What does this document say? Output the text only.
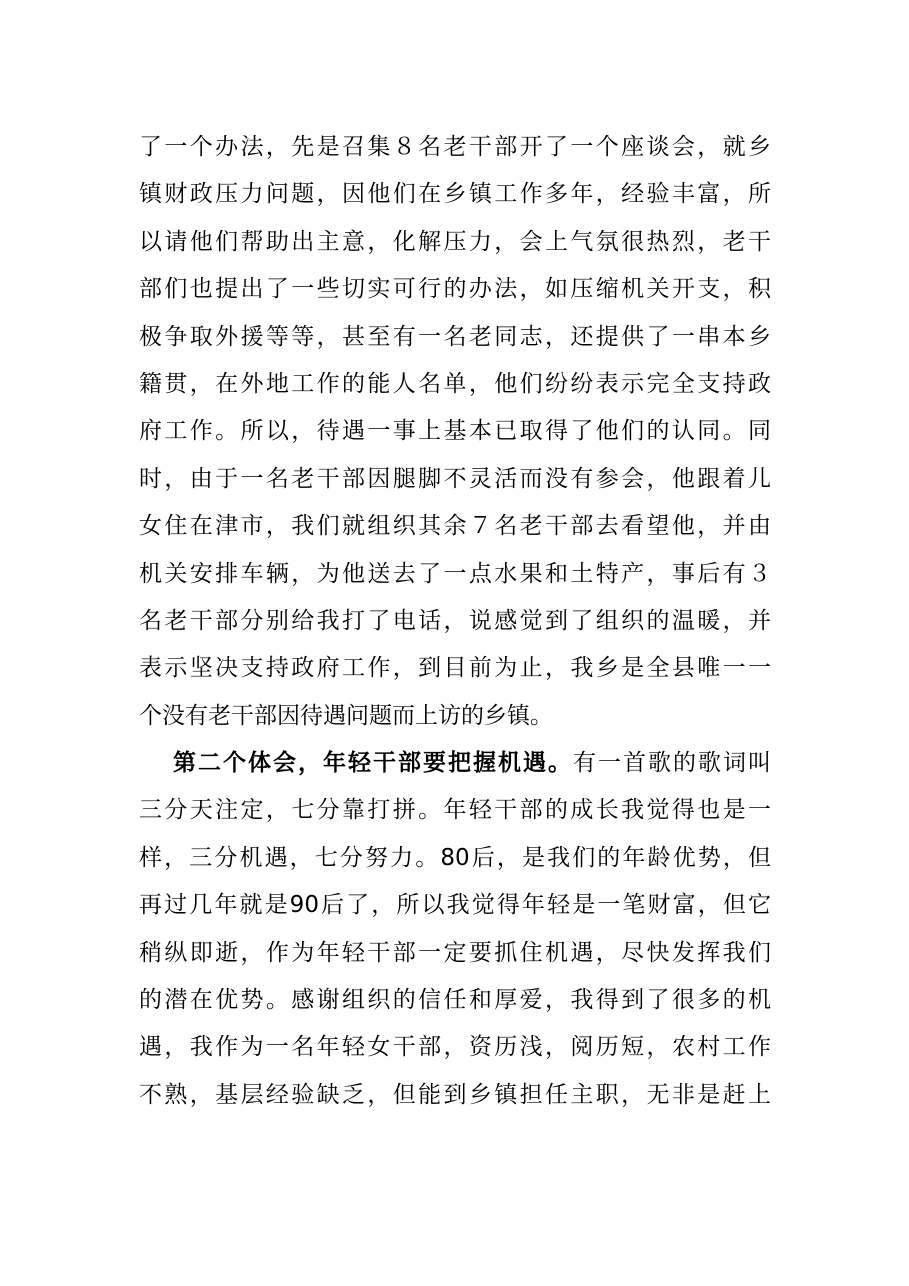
了一个办法，先是召集８名老干部开了一个座谈会，就乡
镇财政压力问题，因他们在乡镇工作多年，经验丰富，所
以请他们帮助出主意，化解压力，会上气氛很热烈，老干
部们也提出了一些切实可行的办法，如压缩机关开支，积
极争取外援等等，甚至有一名老同志，还提供了一串本乡
籍贯，在外地工作的能人名单，他们纷纷表示完全支持政
府工作。所以，待遇一事上基本已取得了他们的认同。同
时，由于一名老干部因腿脚不灵活而没有参会，他跟着儿
女住在津市，我们就组织其余７名老干部去看望他，并由
机关安排车辆，为他送去了一点水果和土特产，事后有３
名老干部分别给我打了电话，说感觉到了组织的温暖，并
表示坚决支持政府工作，到目前为止，我乡是全县唯一一
个没有老干部因待遇问题而上访的乡镇。
第二个体会，年轻干部要把握机遇。有一首歌的歌词叫
三分天注定，七分靠打拼。年轻干部的成长我觉得也是一
样，三分机遇，七分努力。80后，是我们的年龄优势，但
再过几年就是90后了，所以我觉得年轻是一笔财富，但它
稍纵即逝，作为年轻干部一定要抓住机遇，尽快发挥我们
的潜在优势。感谢组织的信任和厚爱，我得到了很多的机
遇，我作为一名年轻女干部，资历浅，阅历短，农村工作
不熟，基层经验缺乏，但能到乡镇担任主职，无非是赶上
